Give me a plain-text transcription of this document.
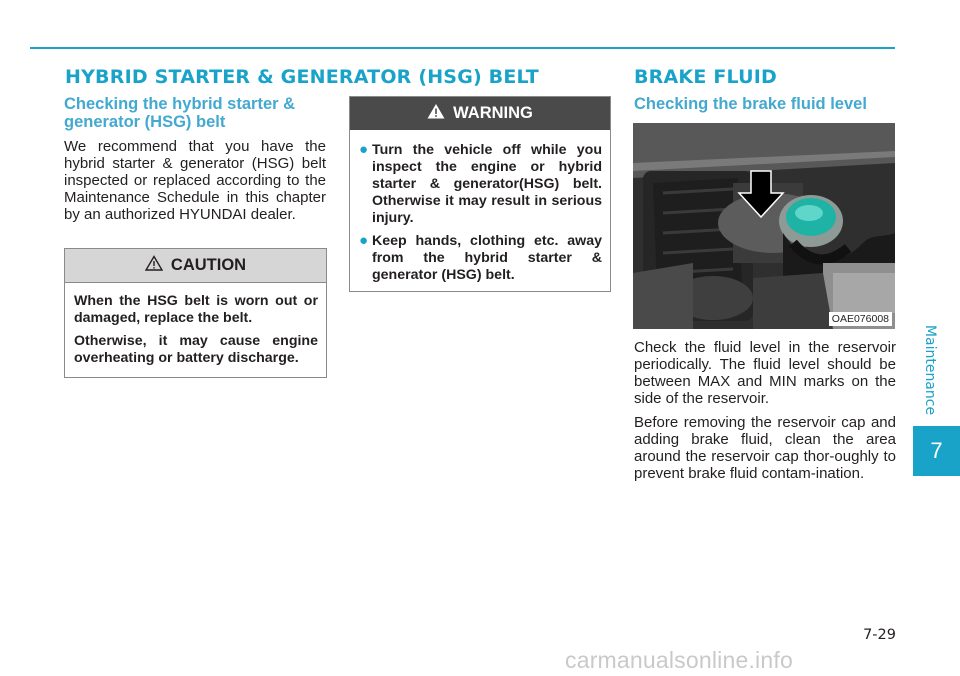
HYBRID STARTER & GENERATOR (HSG) BELT	BRAKE FLUID
Checking the hybrid starter & generator (HSG) belt

We recommend that you have the hybrid starter & generator (HSG) belt inspected or replaced according to the Maintenance Schedule in this chapter by an authorized HYUNDAI dealer.

CAUTION

When the HSG belt is worn out or damaged, replace the belt.

Otherwise, it may cause engine overheating or battery discharge.

WARNING
● Turn the vehicle off while you inspect the engine or hybrid starter & generator(HSG) belt. Otherwise it may result in serious injury.
● Keep hands, clothing etc. away from the hybrid starter & generator (HSG) belt.
Checking the brake fluid level
OAE076008

Check the fluid level in the reservoir periodically. The fluid level should be between MAX and MIN marks on the side of the reservoir.

Before removing the reservoir cap and adding brake fluid, clean the area around the reservoir cap thor-oughly to prevent brake fluid contam-ination.

Maintenance
7
7-29
carmanualsonline.info
